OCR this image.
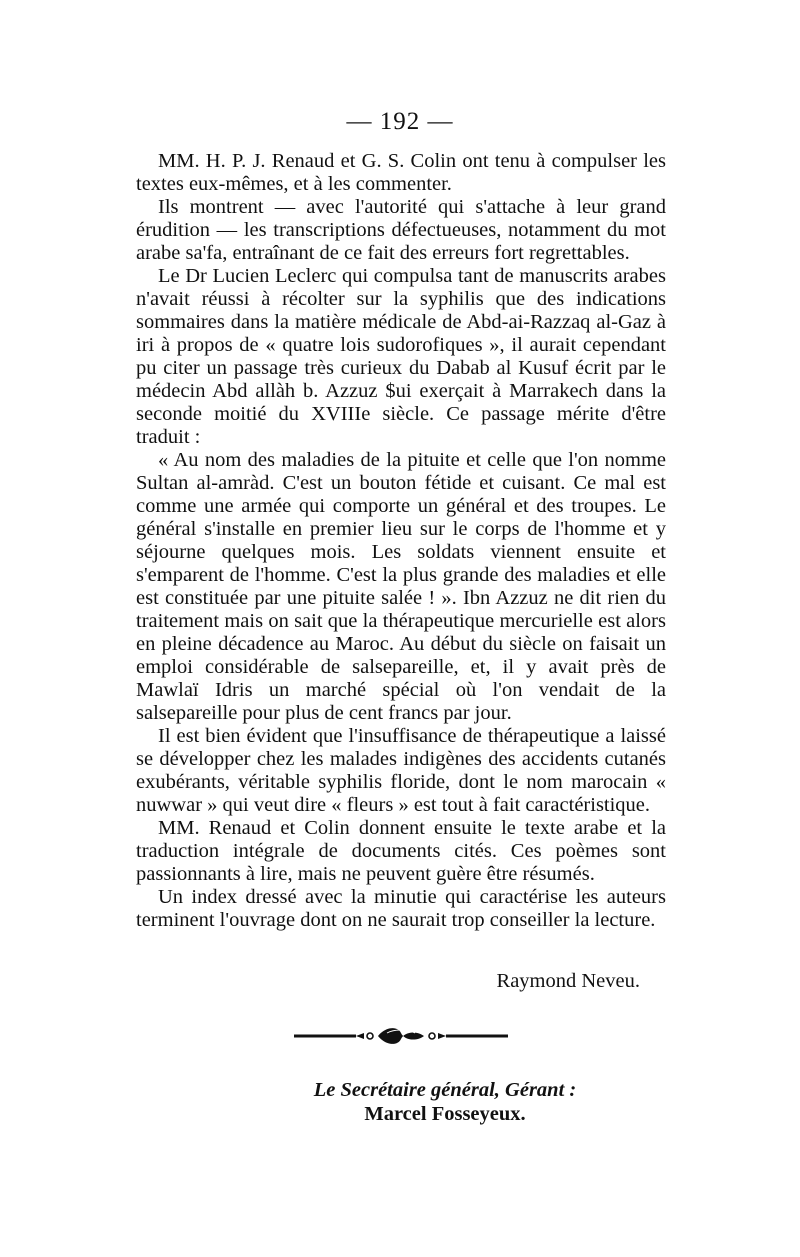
— 192 —

MM. H. P. J. Renaud et G. S. Colin ont tenu à compulser les textes eux-mêmes, et à les commenter.

Ils montrent — avec l'autorité qui s'attache à leur grand érudition — les transcriptions défectueuses, notamment du mot arabe sa'fa, entraînant de ce fait des erreurs fort regrettables.

Le Dr Lucien Leclerc qui compulsa tant de manuscrits arabes n'avait réussi à récolter sur la syphilis que des indications sommaires dans la matière médicale de Abd-ai-Razzaq al-Gaz à iri à propos de « quatre lois sudorofiques », il aurait cependant pu citer un passage très curieux du Dabab al Kusuf écrit par le médecin Abd allàh b. Azzuz $ui exerçait à Marrakech dans la seconde moitié du XVIIIe siècle. Ce passage mérite d'être traduit :

« Au nom des maladies de la pituite et celle que l'on nomme Sultan al-amràd. C'est un bouton fétide et cuisant. Ce mal est comme une armée qui comporte un général et des troupes. Le général s'installe en premier lieu sur le corps de l'homme et y séjourne quelques mois. Les soldats viennent ensuite et s'emparent de l'homme. C'est la plus grande des maladies et elle est constituée par une pituite salée ! ». Ibn Azzuz ne dit rien du traitement mais on sait que la thérapeutique mercurielle est alors en pleine décadence au Maroc. Au début du siècle on faisait un emploi considérable de salsepareille, et, il y avait près de Mawlaï Idris un marché spécial où l'on vendait de la salsepareille pour plus de cent francs par jour.

Il est bien évident que l'insuffisance de thérapeutique a laissé se développer chez les malades indigènes des accidents cutanés exubérants, véritable syphilis floride, dont le nom marocain « nuwwar » qui veut dire « fleurs » est tout à fait caractéristique.

MM. Renaud et Colin donnent ensuite le texte arabe et la traduction intégrale de documents cités. Ces poèmes sont passionnants à lire, mais ne peuvent guère être résumés.

Un index dressé avec la minutie qui caractérise les auteurs terminent l'ouvrage dont on ne saurait trop conseiller la lecture.

Raymond Neveu.
Le Secrétaire général, Gérant :
Marcel Fosseyeux.
